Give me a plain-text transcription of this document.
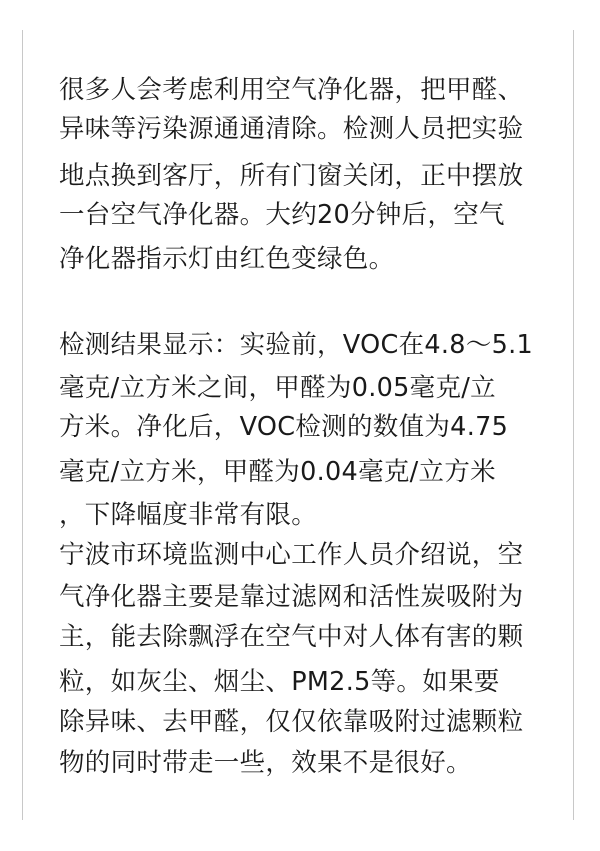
很多人会考虑利用空气净化器，把甲醛、
异味等污染源通通清除。检测人员把实验
地点换到客厅，所有门窗关闭，正中摆放
一台空气净化器。大约20分钟后，空气
净化器指示灯由红色变绿色。
检测结果显示：实验前，VOC在4.8～5.1
毫克/立方米之间，甲醛为0.05毫克/立
方米。净化后，VOC检测的数值为4.75
毫克/立方米，甲醛为0.04毫克/立方米
，下降幅度非常有限。
宁波市环境监测中心工作人员介绍说，空
气净化器主要是靠过滤网和活性炭吸附为
主，能去除飘浮在空气中对人体有害的颗
粒，如灰尘、烟尘、PM2.5等。如果要
除异味、去甲醛，仅仅依靠吸附过滤颗粒
物的同时带走一些，效果不是很好。
